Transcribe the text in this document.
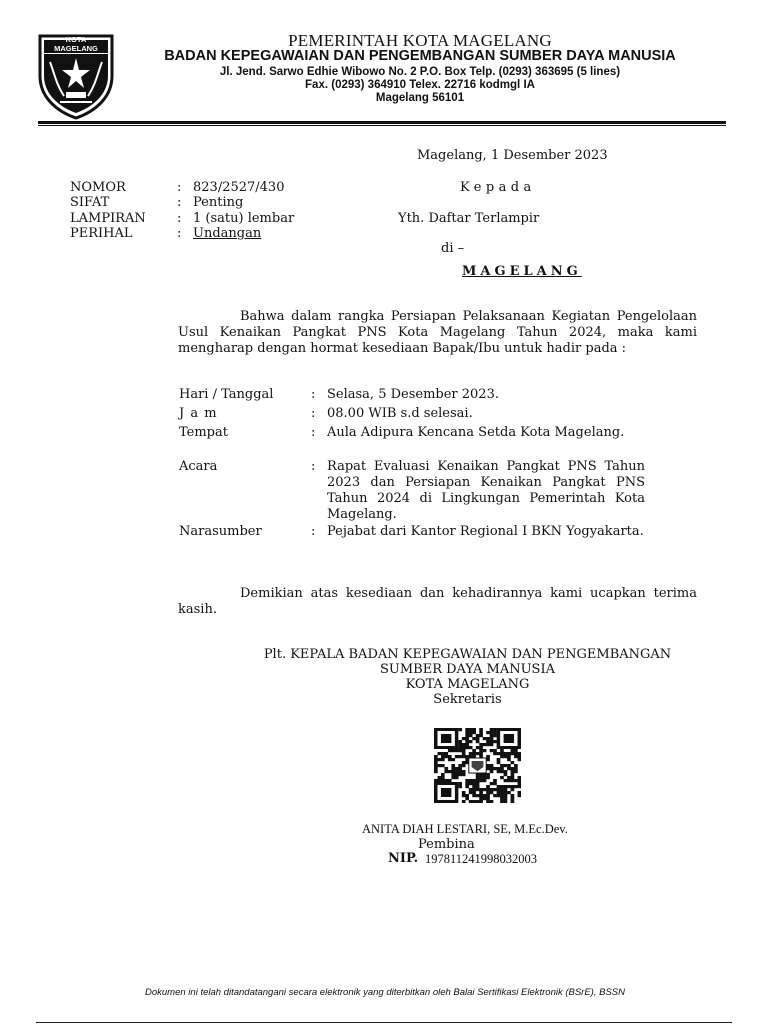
KOTA MAGELANG	PEMERINTAH KOTA MAGELANG
BADAN KEPEGAWAIAN DAN PENGEMBANGAN SUMBER DAYA MANUSIA
Jl. Jend. Sarwo Edhie Wibowo No. 2 P.O. Box Telp. (0293) 363695 (5 lines)
Fax. (0293) 364910 Telex. 22716 kodmgl IA
Magelang 56101
Magelang, 1 Desember 2023
NOMOR	: 823/2527/430
SIFAT	: Penting
LAMPIRAN : 1 (satu) lembar
PERIHAL	: Undangan
Kepada
Yth. Daftar Terlampir
di –
MAGELANG
Bahwa dalam rangka Persiapan Pelaksanaan Kegiatan Pengelolaan Usul Kenaikan Pangkat PNS Kota Magelang Tahun 2024, maka kami mengharap dengan hormat kesediaan Bapak/Ibu untuk hadir pada :
Hari / Tanggal	: Selasa, 5 Desember 2023.
J a m	: 08.00 WIB s.d selesai.
Tempat	: Aula Adipura Kencana Setda Kota Magelang.
Acara	: Rapat Evaluasi Kenaikan Pangkat PNS Tahun 2023 dan Persiapan Kenaikan Pangkat PNS Tahun 2024 di Lingkungan Pemerintah Kota Magelang.
Narasumber	: Pejabat dari Kantor Regional I BKN Yogyakarta.
Demikian atas kesediaan dan kehadirannya kami ucapkan terima kasih.
Plt. KEPALA BADAN KEPEGAWAIAN DAN PENGEMBANGAN
SUMBER DAYA MANUSIA
KOTA MAGELANG
Sekretaris
ANITA DIAH LESTARI, SE, M.Ec.Dev.
Pembina
NIP. 197811241998032003
Dokumen ini telah ditandatangani secara elektronik yang diterbitkan oleh Balai Sertifikasi Elektronik (BSrE), BSSN
